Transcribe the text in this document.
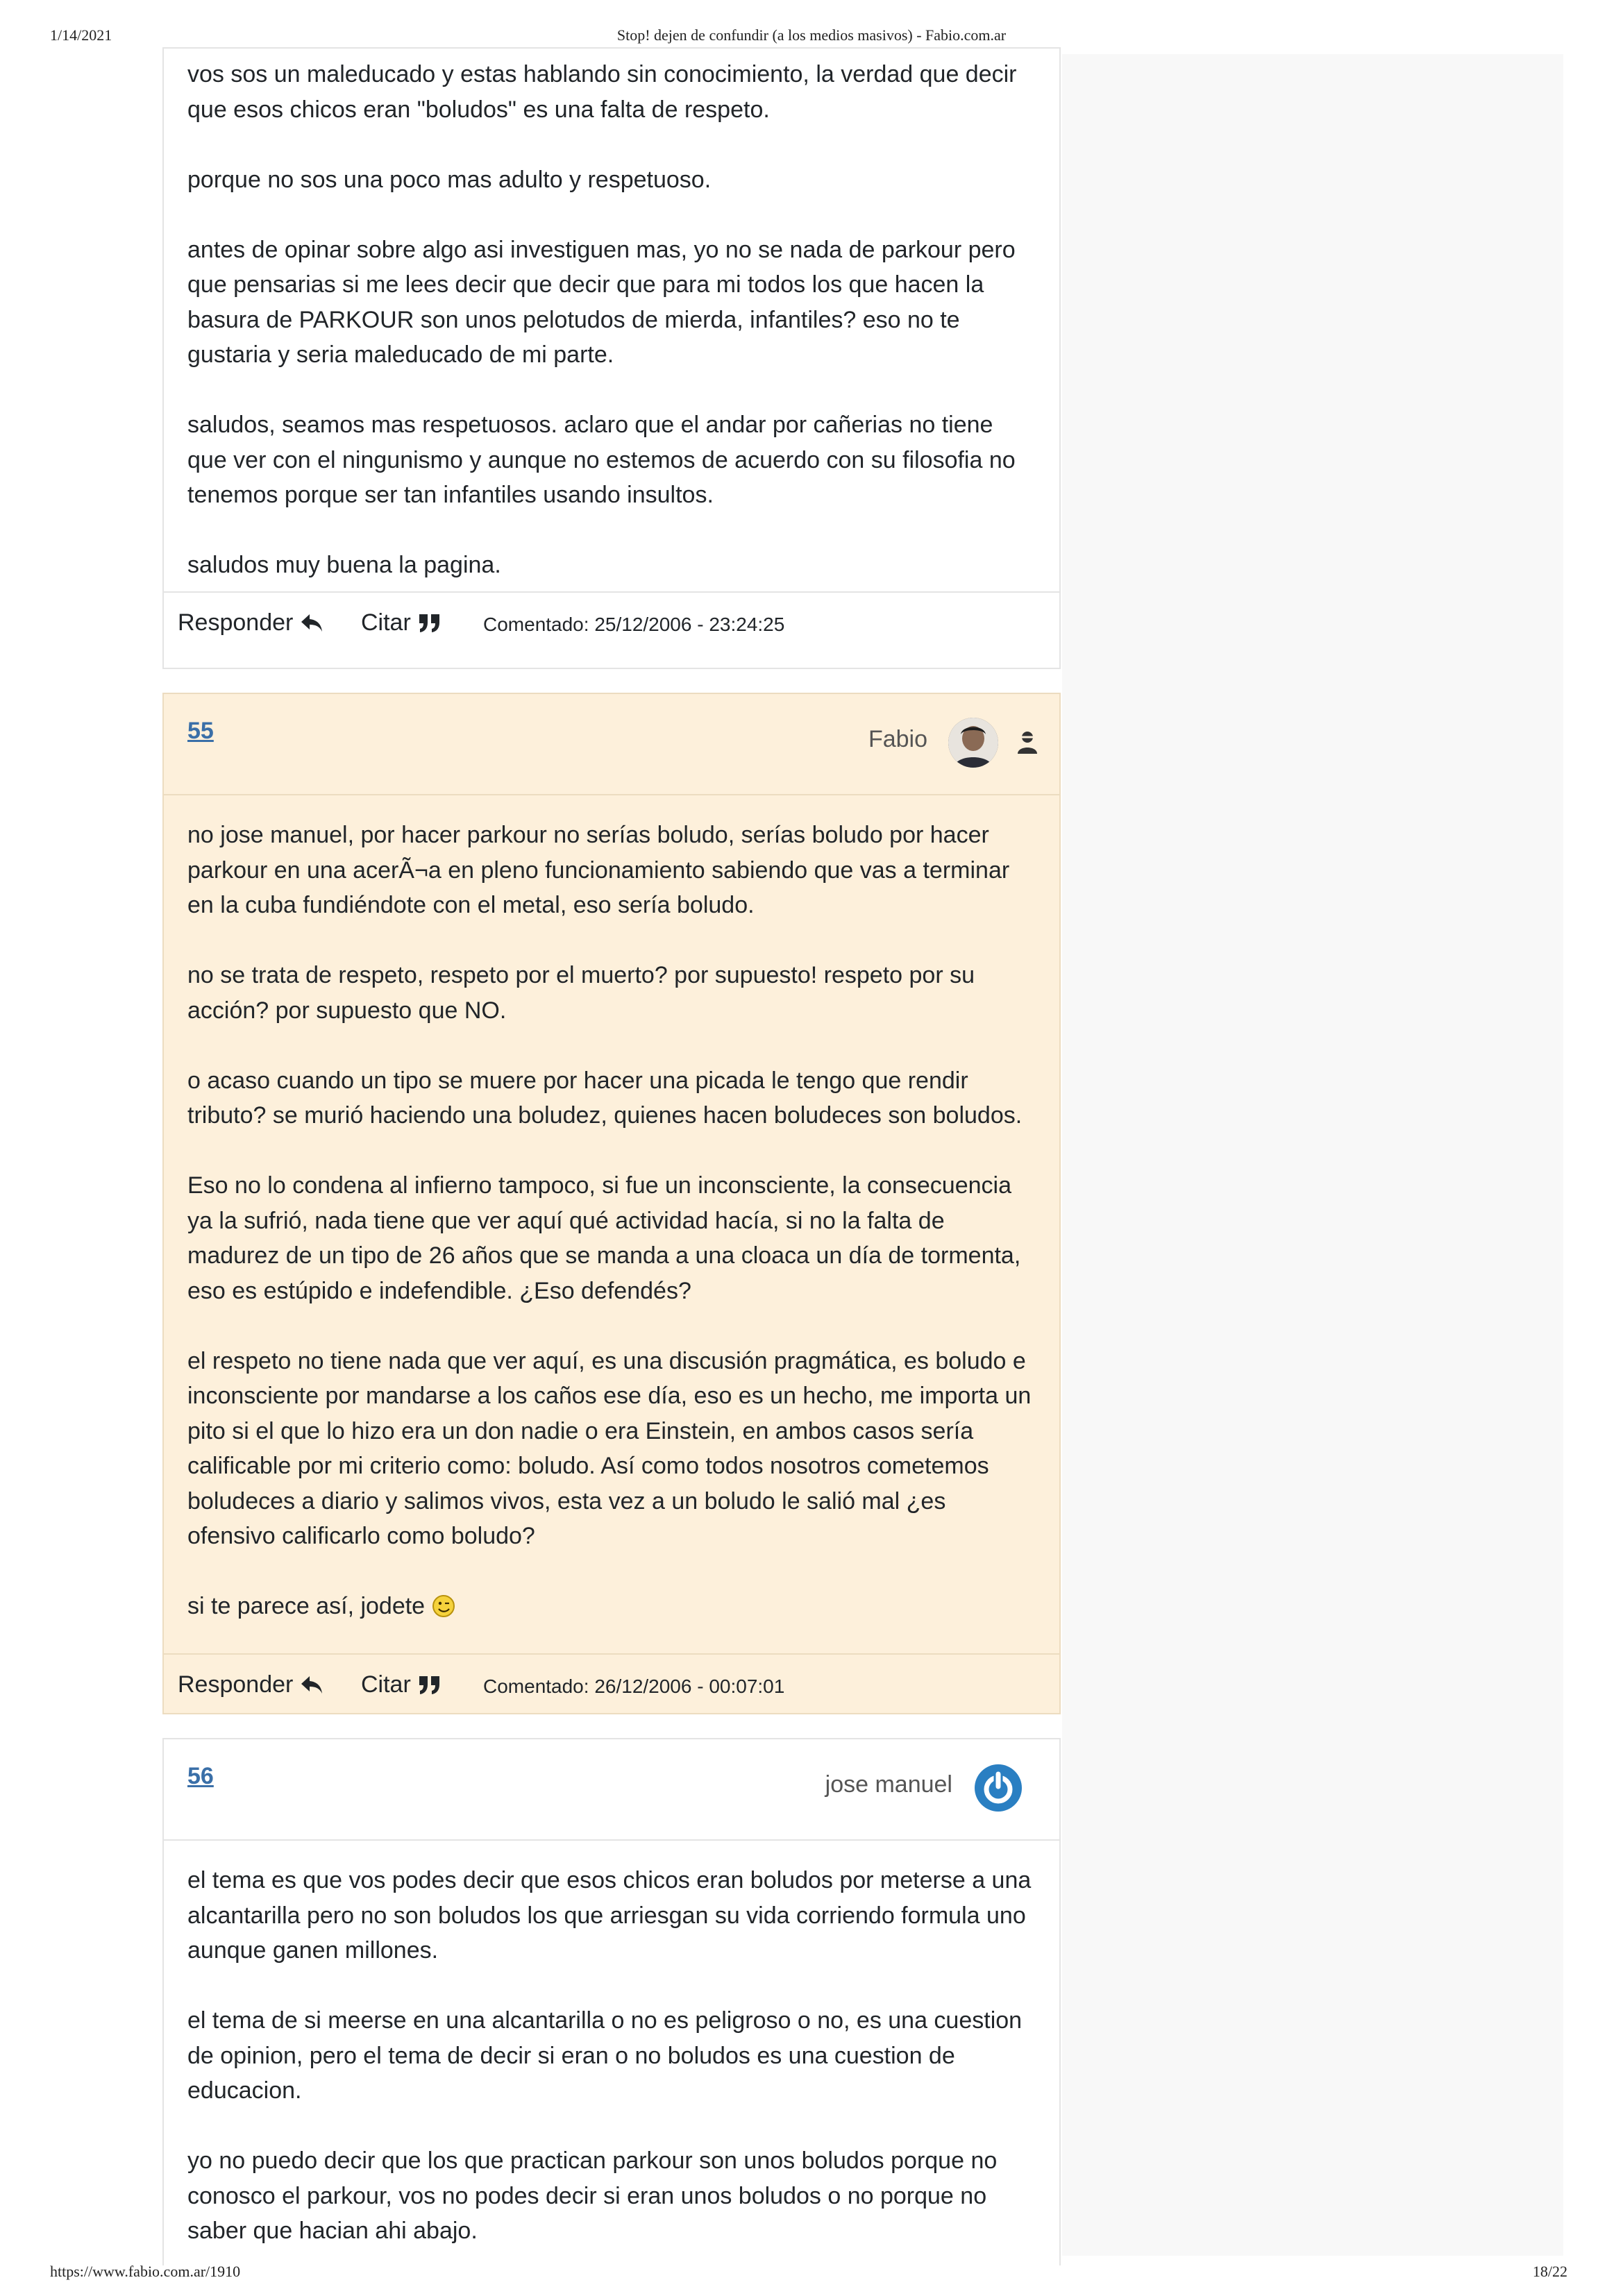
1/14/2021	Stop! dejen de confundir (a los medios masivos) - Fabio.com.ar

vos sos un maleducado y estas hablando sin conocimiento, la verdad que decir que esos chicos eran "boludos" es una falta de respeto.

porque no sos una poco mas adulto y respetuoso.

antes de opinar sobre algo asi investiguen mas, yo no se nada de parkour pero que pensarias si me lees decir que decir que para mi todos los que hacen la basura de PARKOUR son unos pelotudos de mierda, infantiles? eso no te gustaria y seria maleducado de mi parte.

saludos, seamos mas respetuosos. aclaro que el andar por cañerias no tiene que ver con el ningunismo y aunque no estemos de acuerdo con su filosofia no tenemos porque ser tan infantiles usando insultos.

saludos muy buena la pagina.

Responder	Citar	Comentado: 25/12/2006 - 23:24:25
55	Fabio

no jose manuel, por hacer parkour no serías boludo, serías boludo por hacer parkour en una acerÃ¬a en pleno funcionamiento sabiendo que vas a terminar en la cuba fundiéndote con el metal, eso sería boludo.

no se trata de respeto, respeto por el muerto? por supuesto! respeto por su acción? por supuesto que NO.

o acaso cuando un tipo se muere por hacer una picada le tengo que rendir tributo? se murió haciendo una boludez, quienes hacen boludeces son boludos.

Eso no lo condena al infierno tampoco, si fue un inconsciente, la consecuencia ya la sufrió, nada tiene que ver aquí qué actividad hacía, si no la falta de madurez de un tipo de 26 años que se manda a una cloaca un día de tormenta, eso es estúpido e indefendible. ¿Eso defendés?

el respeto no tiene nada que ver aquí, es una discusión pragmática, es boludo e inconsciente por mandarse a los caños ese día, eso es un hecho, me importa un pito si el que lo hizo era un don nadie o era Einstein, en ambos casos sería calificable por mi criterio como: boludo. Así como todos nosotros cometemos boludeces a diario y salimos vivos, esta vez a un boludo le salió mal ¿es ofensivo calificarlo como boludo?

si te parece así, jodete

Responder	Citar	Comentado: 26/12/2006 - 00:07:01
56	jose manuel

el tema es que vos podes decir que esos chicos eran boludos por meterse a una alcantarilla pero no son boludos los que arriesgan su vida corriendo formula uno aunque ganen millones.

el tema de si meerse en una alcantarilla o no es peligroso o no, es una cuestion de opinion, pero el tema de decir si eran o no boludos es una cuestion de educacion.

yo no puedo decir que los que practican parkour son unos boludos porque no conosco el parkour, vos no podes decir si eran unos boludos o no porque no saber que hacian ahi abajo.

https://www.fabio.com.ar/1910	18/22
